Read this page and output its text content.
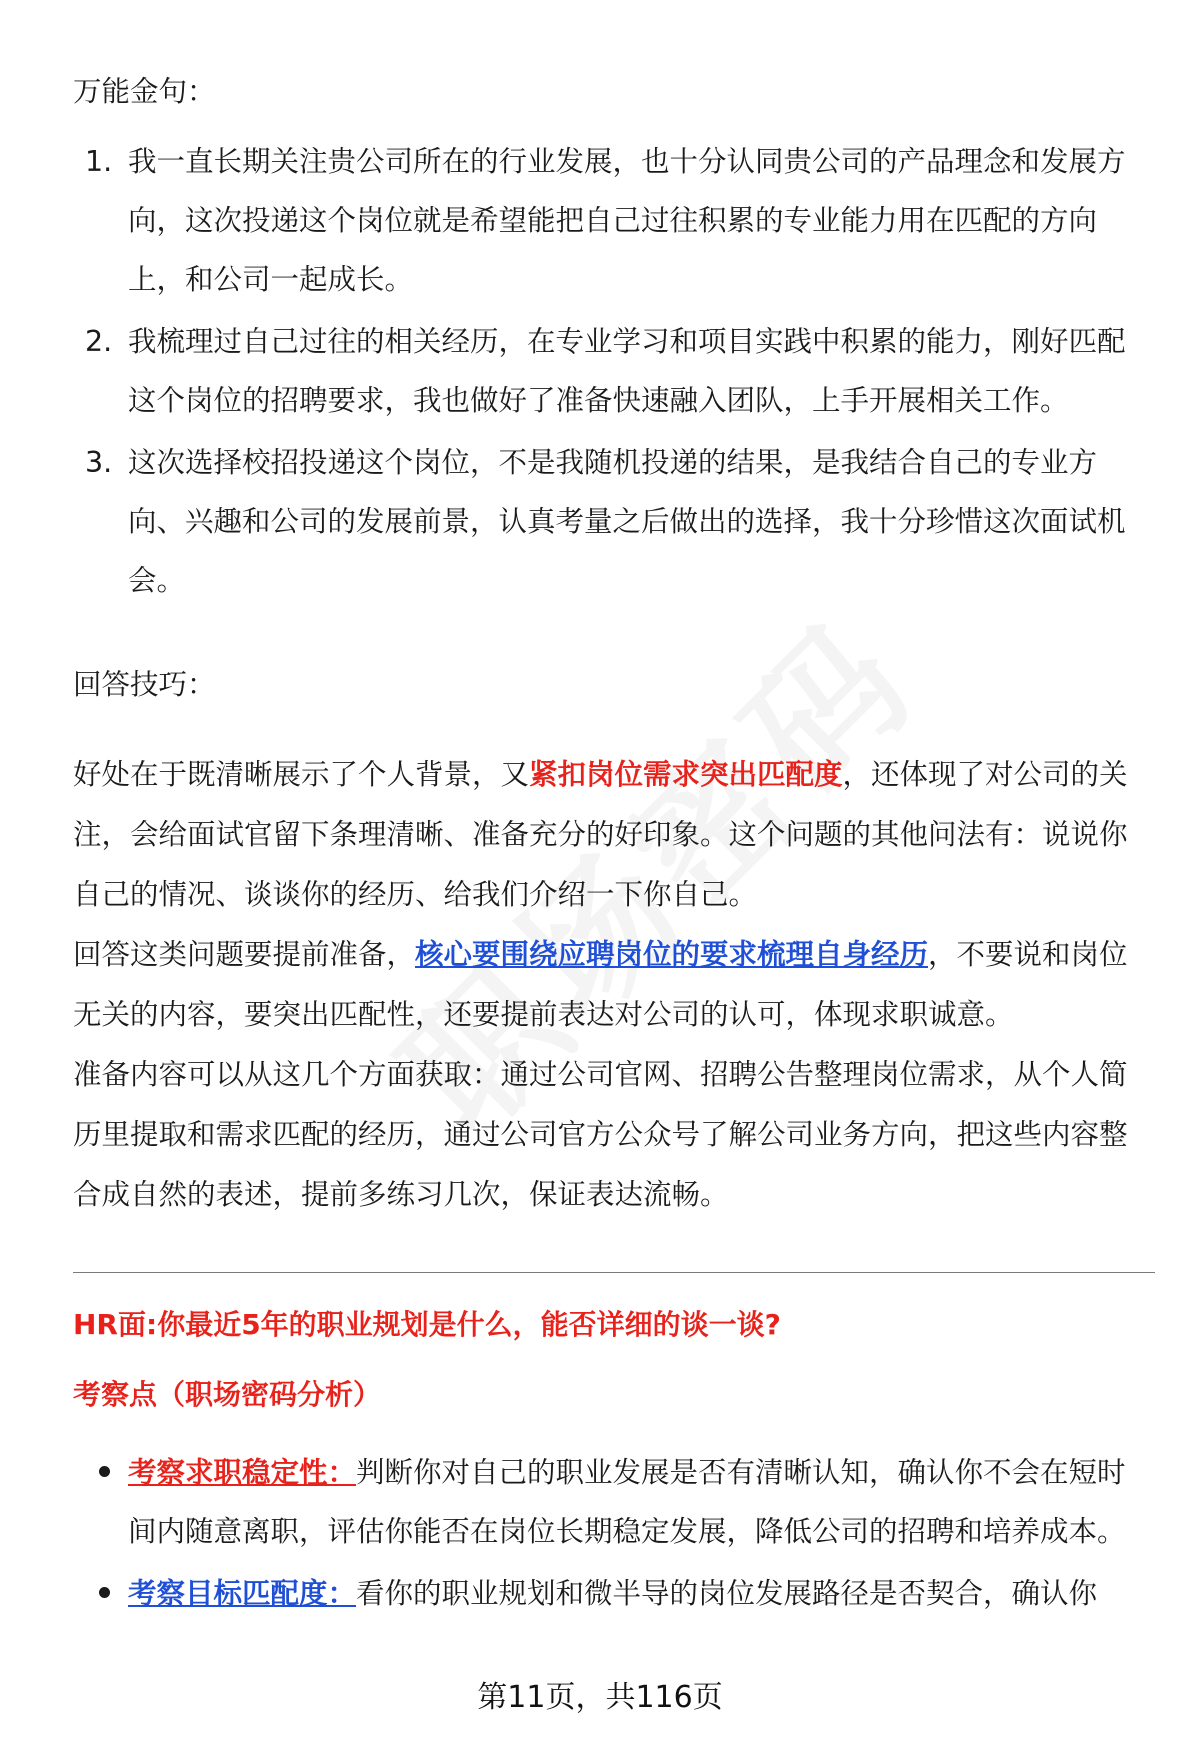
万能金句：

1. 我一直长期关注贵公司所在的行业发展，也十分认同贵公司的产品理念和发展方向，这次投递这个岗位就是希望能把自己过往积累的专业能力用在匹配的方向上，和公司一起成长。
2. 我梳理过自己过往的相关经历，在专业学习和项目实践中积累的能力，刚好匹配这个岗位的招聘要求，我也做好了准备快速融入团队，上手开展相关工作。
3. 这次选择校招投递这个岗位，不是我随机投递的结果，是我结合自己的专业方向、兴趣和公司的发展前景，认真考量之后做出的选择，我十分珍惜这次面试机会。

回答技巧：

好处在于既清晰展示了个人背景，又紧扣岗位需求突出匹配度，还体现了对公司的关注，会给面试官留下条理清晰、准备充分的好印象。这个问题的其他问法有：说说你自己的情况、谈谈你的经历、给我们介绍一下你自己。

回答这类问题要提前准备，核心要围绕应聘岗位的要求梳理自身经历，不要说和岗位无关的内容，要突出匹配性，还要提前表达对公司的认可，体现求职诚意。

准备内容可以从这几个方面获取：通过公司官网、招聘公告整理岗位需求，从个人简历里提取和需求匹配的经历，通过公司官方公众号了解公司业务方向，把这些内容整合成自然的表述，提前多练习几次，保证表达流畅。

HR面:你最近5年的职业规划是什么，能否详细的谈一谈?
考察点（职场密码分析）
考察求职稳定性：判断你对自己的职业发展是否有清晰认知，确认你不会在短时间内随意离职，评估你能否在岗位长期稳定发展，降低公司的招聘和培养成本。
考察目标匹配度：看你的职业规划和微半导的岗位发展路径是否契合，确认你
第11页，共116页
